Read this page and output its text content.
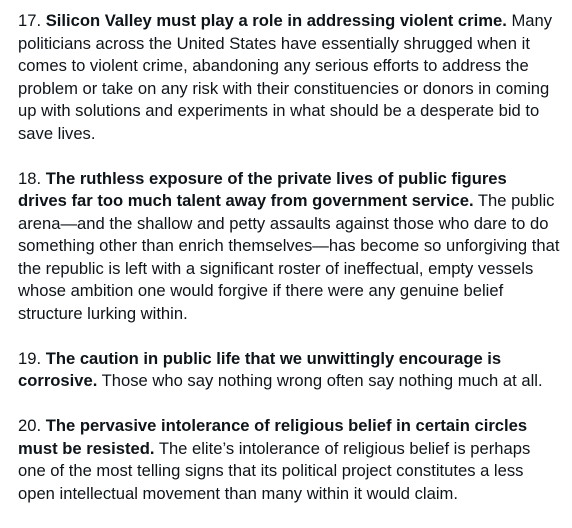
17. Silicon Valley must play a role in addressing violent crime. Many politicians across the United States have essentially shrugged when it comes to violent crime, abandoning any serious efforts to address the problem or take on any risk with their constituencies or donors in coming up with solutions and experiments in what should be a desperate bid to save lives.

18. The ruthless exposure of the private lives of public figures drives far too much talent away from government service. The public arena—and the shallow and petty assaults against those who dare to do something other than enrich themselves—has become so unforgiving that the republic is left with a significant roster of ineffectual, empty vessels whose ambition one would forgive if there were any genuine belief structure lurking within.

19. The caution in public life that we unwittingly encourage is corrosive. Those who say nothing wrong often say nothing much at all.

20. The pervasive intolerance of religious belief in certain circles must be resisted. The elite’s intolerance of religious belief is perhaps one of the most telling signs that its political project constitutes a less open intellectual movement than many within it would claim.
